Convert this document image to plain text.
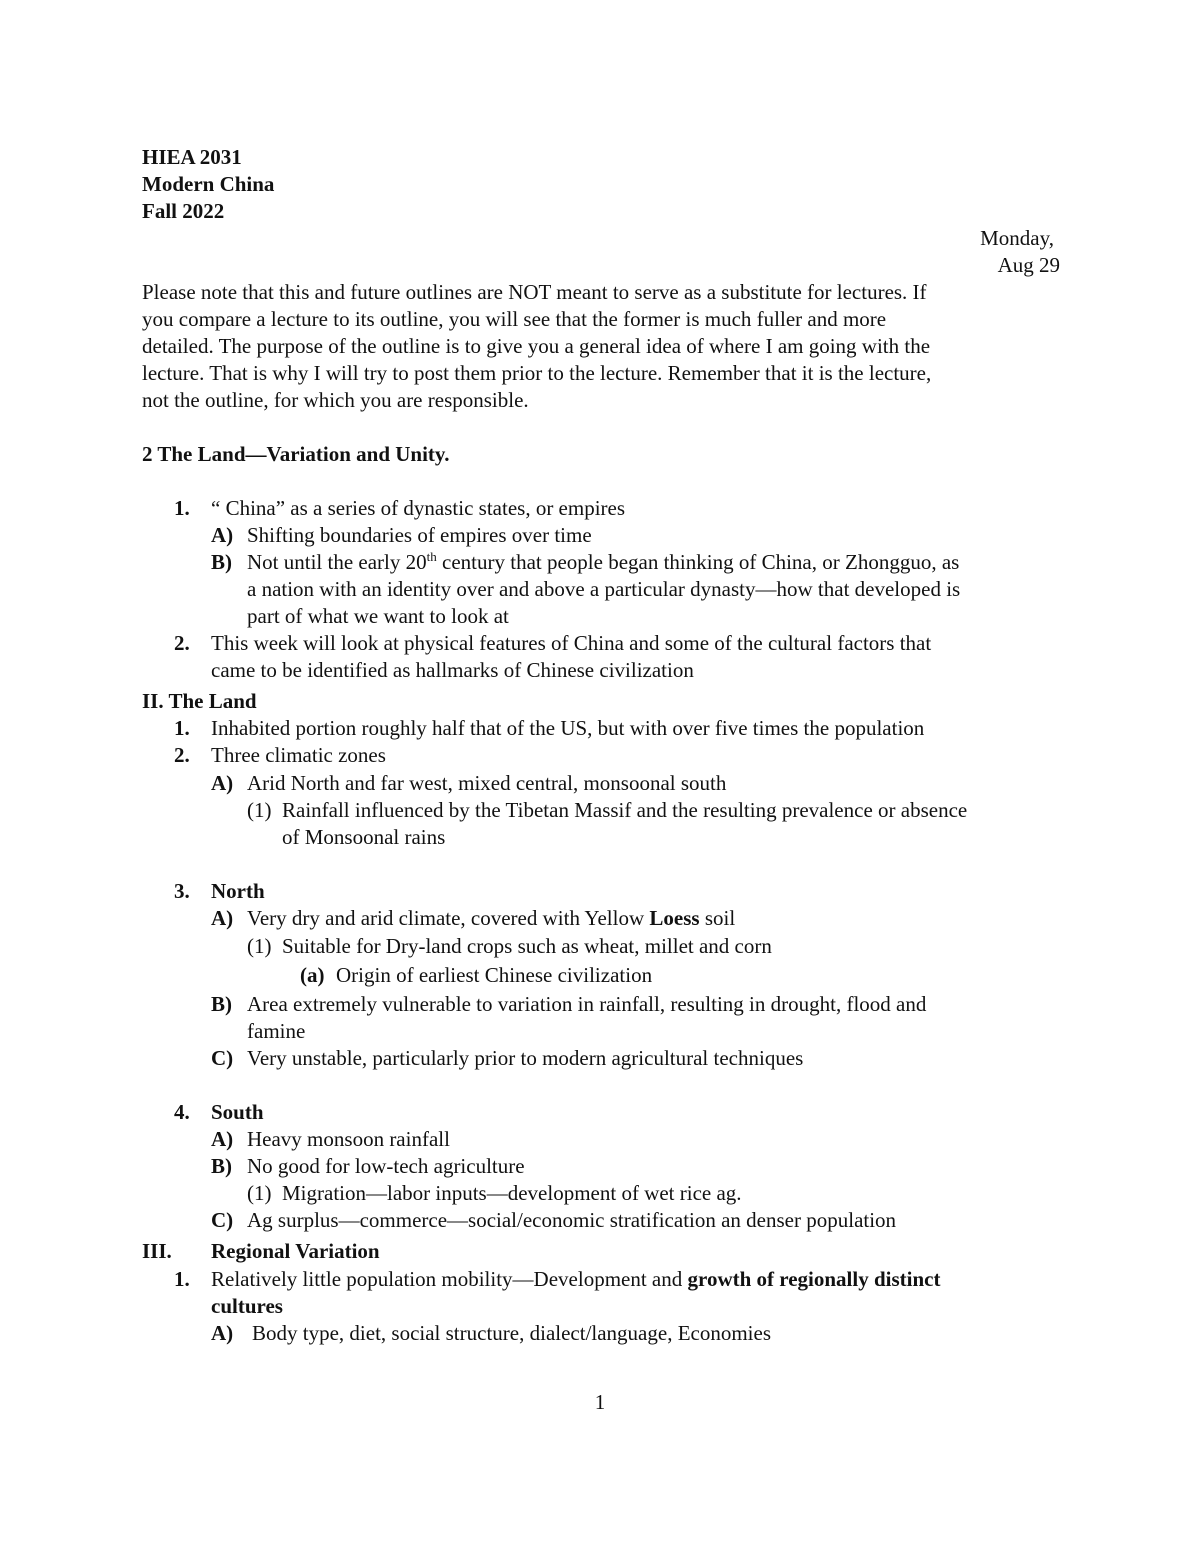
HIEA 2031
Modern China
Fall 2022
Monday,
Aug 29
Please note that this and future outlines are NOT meant to serve as a substitute for lectures. If
you compare a lecture to its outline, you will see that the former is much fuller and more
detailed. The purpose of the outline is to give you a general idea of where I am going with the
lecture. That is why I will try to post them prior to the lecture. Remember that it is the lecture,
not the outline, for which you are responsible.
2 The Land—Variation and Unity.
1. “ China” as a series of dynastic states, or empires
A) Shifting boundaries of empires over time
B) Not until the early 20th century that people began thinking of China, or Zhongguo, as
a nation with an identity over and above a particular dynasty—how that developed is
part of what we want to look at
2. This week will look at physical features of China and some of the cultural factors that
came to be identified as hallmarks of Chinese civilization
II. The Land
1. Inhabited portion roughly half that of the US, but with over five times the population
2. Three climatic zones
A) Arid North and far west, mixed central, monsoonal south
(1) Rainfall influenced by the Tibetan Massif and the resulting prevalence or absence
of Monsoonal rains
3. North
A) Very dry and arid climate, covered with Yellow Loess soil
(1) Suitable for Dry-land crops such as wheat, millet and corn
(a) Origin of earliest Chinese civilization
B) Area extremely vulnerable to variation in rainfall, resulting in drought, flood and
famine
C) Very unstable, particularly prior to modern agricultural techniques
4. South
A) Heavy monsoon rainfall
B) No good for low-tech agriculture
(1) Migration—labor inputs—development of wet rice ag.
C) Ag surplus—commerce—social/economic stratification an denser population
III. Regional Variation
1. Relatively little population mobility—Development and growth of regionally distinct
cultures
A) Body type, diet, social structure, dialect/language, Economies
1
